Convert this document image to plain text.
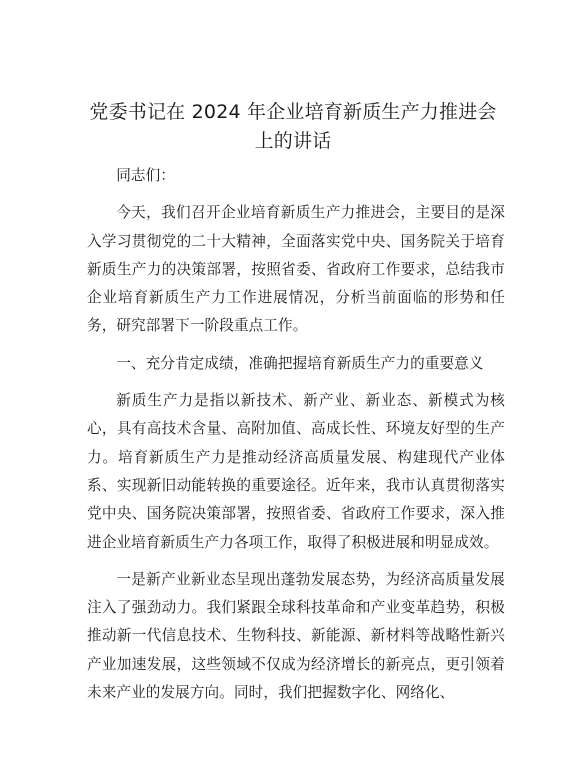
党委书记在 2024 年企业培育新质生产力推进会
上的讲话

同志们：

今天，我们召开企业培育新质生产力推进会，主要目的是深入学习贯彻党的二十大精神，全面落实党中央、国务院关于培育新质生产力的决策部署，按照省委、省政府工作要求，总结我市企业培育新质生产力工作进展情况，分析当前面临的形势和任务，研究部署下一阶段重点工作。

一、充分肯定成绩，准确把握培育新质生产力的重要意义

新质生产力是指以新技术、新产业、新业态、新模式为核心，具有高技术含量、高附加值、高成长性、环境友好型的生产力。培育新质生产力是推动经济高质量发展、构建现代产业体系、实现新旧动能转换的重要途径。近年来，我市认真贯彻落实党中央、国务院决策部署，按照省委、省政府工作要求，深入推进企业培育新质生产力各项工作，取得了积极进展和明显成效。

一是新产业新业态呈现出蓬勃发展态势，为经济高质量发展注入了强劲动力。我们紧跟全球科技革命和产业变革趋势，积极推动新一代信息技术、生物科技、新能源、新材料等战略性新兴产业加速发展，这些领域不仅成为经济增长的新亮点，更引领着未来产业的发展方向。同时，我们把握数字化、网络化、
